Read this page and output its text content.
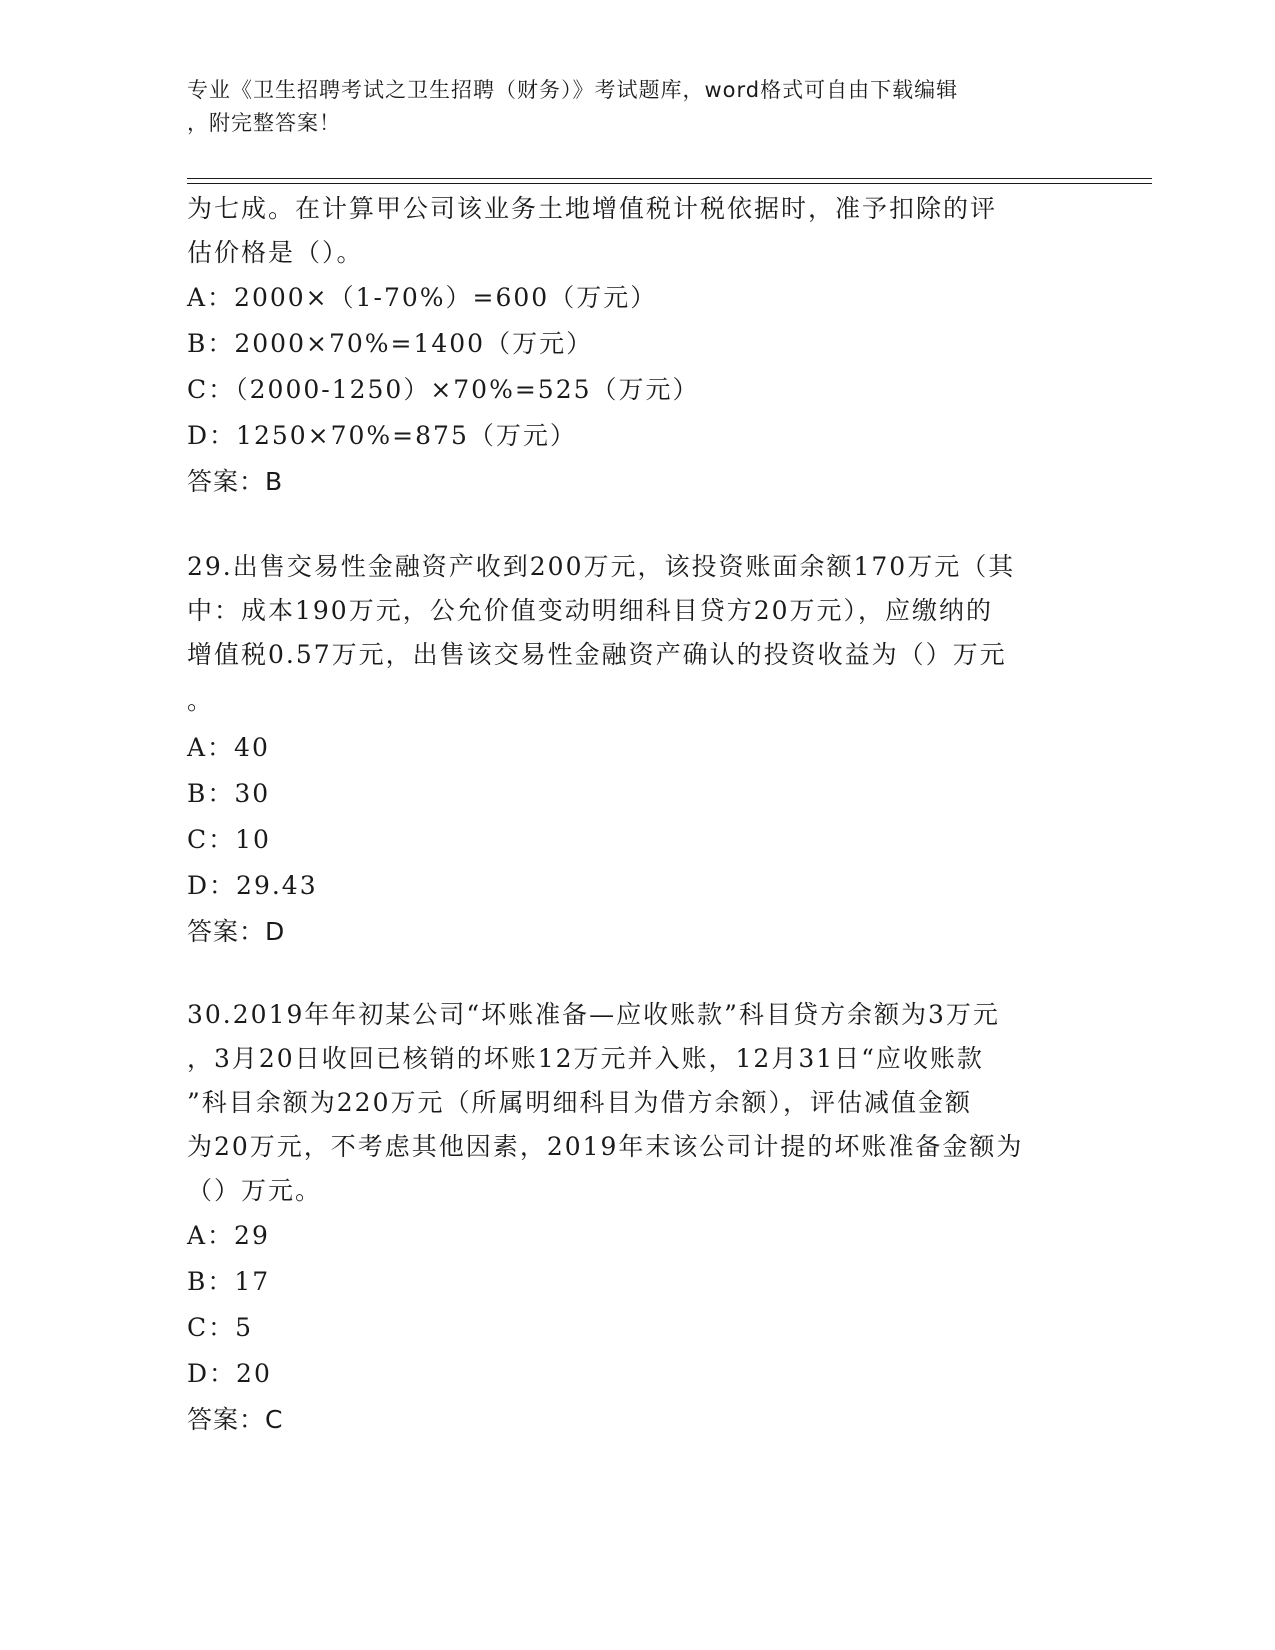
专业《卫生招聘考试之卫生招聘（财务）》考试题库，word格式可自由下载编辑
，附完整答案！
为七成。在计算甲公司该业务土地增值税计税依据时，准予扣除的评
估价格是（）。
A：2000×（1-70%）=600（万元）
B：2000×70%=1400（万元）
C：（2000-1250）×70%=525（万元）
D：1250×70%=875（万元）
答案：B
29.出售交易性金融资产收到200万元，该投资账面余额170万元（其
中：成本190万元，公允价值变动明细科目贷方20万元），应缴纳的
增值税0.57万元，出售该交易性金融资产确认的投资收益为（）万元
。
A：40
B：30
C：10
D：29.43
答案：D
30.2019年年初某公司“坏账准备—应收账款”科目贷方余额为3万元
，3月20日收回已核销的坏账12万元并入账，12月31日“应收账款
”科目余额为220万元（所属明细科目为借方余额），评估减值金额
为20万元，不考虑其他因素，2019年末该公司计提的坏账准备金额为
（）万元。
A：29
B：17
C：5
D：20
答案：C
